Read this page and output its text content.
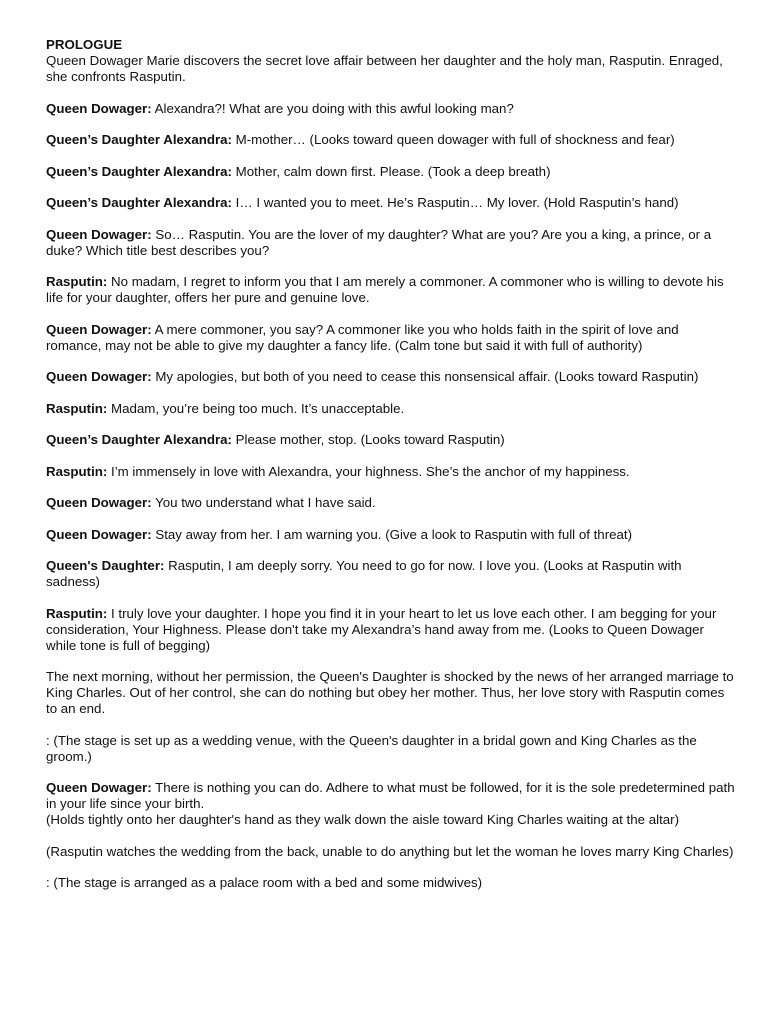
PROLOGUE

Queen Dowager Marie discovers the secret love affair between her daughter and the holy man, Rasputin. Enraged, she confronts Rasputin.

Queen Dowager: Alexandra?! What are you doing with this awful looking man?

Queen’s Daughter Alexandra: M-mother… (Looks toward queen dowager with full of shockness and fear)

Queen’s Daughter Alexandra: Mother, calm down first. Please. (Took a deep breath)

Queen’s Daughter Alexandra: I… I wanted you to meet. He’s Rasputin… My lover. (Hold Rasputin’s hand)

Queen Dowager: So… Rasputin. You are the lover of my daughter? What are you? Are you a king, a prince, or a duke? Which title best describes you?

Rasputin: No madam, I regret to inform you that I am merely a commoner. A commoner who is willing to devote his life for your daughter, offers her pure and genuine love.

Queen Dowager: A mere commoner, you say? A commoner like you who holds faith in the spirit of love and romance, may not be able to give my daughter a fancy life. (Calm tone but said it with full of authority)

Queen Dowager: My apologies, but both of you need to cease this nonsensical affair. (Looks toward Rasputin)

Rasputin: Madam, you’re being too much. It’s unacceptable.

Queen’s Daughter Alexandra: Please mother, stop. (Looks toward Rasputin)

Rasputin: I’m immensely in love with Alexandra, your highness. She’s the anchor of my happiness.

Queen Dowager: You two understand what I have said.

Queen Dowager: Stay away from her. I am warning you. (Give a look to Rasputin with full of threat)

Queen's Daughter: Rasputin, I am deeply sorry. You need to go for now. I love you. (Looks at Rasputin with sadness)

Rasputin: I truly love your daughter. I hope you find it in your heart to let us love each other. I am begging for your consideration, Your Highness. Please don't take my Alexandra’s hand away from me. (Looks to Queen Dowager while tone is full of begging)

The next morning, without her permission, the Queen's Daughter is shocked by the news of her arranged marriage to King Charles. Out of her control, she can do nothing but obey her mother. Thus, her love story with Rasputin comes to an end.

: (The stage is set up as a wedding venue, with the Queen's daughter in a bridal gown and King Charles as the groom.)

Queen Dowager: There is nothing you can do. Adhere to what must be followed, for it is the sole predetermined path in your life since your birth.
(Holds tightly onto her daughter's hand as they walk down the aisle toward King Charles waiting at the altar)

(Rasputin watches the wedding from the back, unable to do anything but let the woman he loves marry King Charles)

: (The stage is arranged as a palace room with a bed and some midwives)
